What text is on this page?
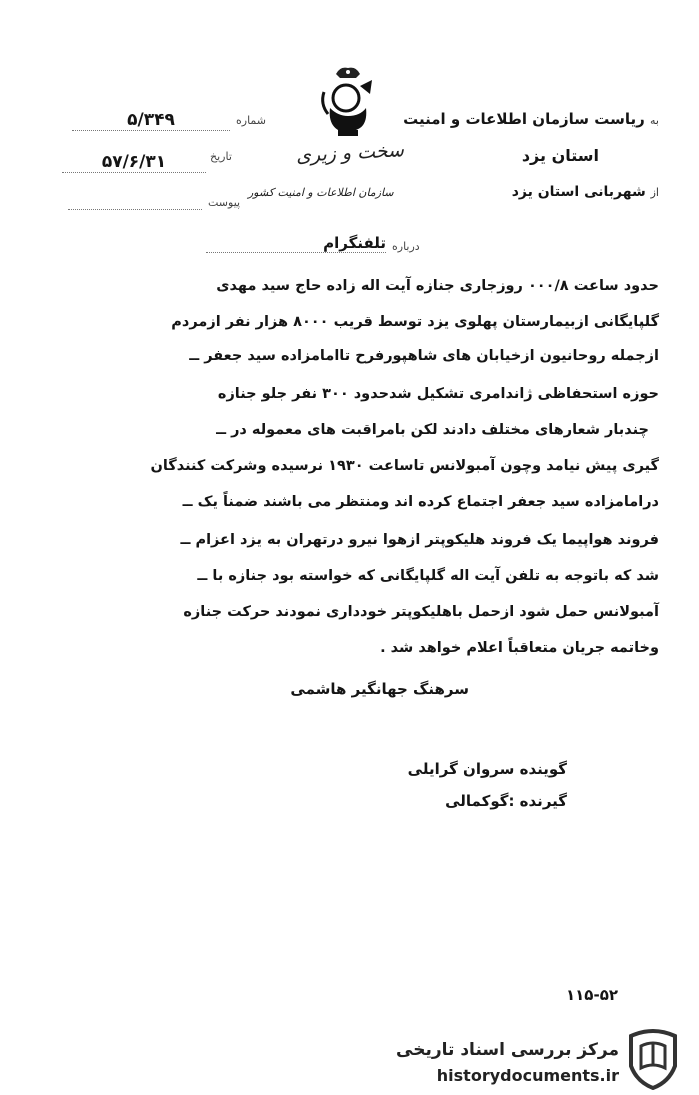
به ریاست سازمان اطلاعات و امنیت
شماره
۵/۳۴۹
استان یزد
تاریخ
۵۷/۶/۳۱	سخت و زیری
از شهربانی استان یزد
سازمان اطلاعات و امنیت کشور
پیوست
درباره
تلفنگرام
حدود ساعت ۰۰۰/۸ روزجاری جنازه آیت اله زاده حاج سید مهدی
گلپایگانی ازبیمارستان پهلوی یزد توسط قریب ۸۰۰۰ هزار نفر ازمردم
ازجمله روحانیون ازخیابان های شاهپورفرح تاامامزاده سید جعفر ــ
حوزه استحفاظی ژاندامری تشکیل شدحدود ۳۰۰ نفر جلو جنازه
چندبار شعارهای مختلف دادند لکن بامراقبت های معموله در ــ
گیری پیش نیامد وچون آمبولانس تاساعت ۱۹۳۰ نرسیده وشرکت کنندگان
درامامزاده سید جعفر اجتماع کرده اند ومنتظر می باشند ضمناً یک ــ
فروند هواپیما یک فروند هلیکوپتر ازهوا نیرو درتهران به یزد اعزام ــ
شد که باتوجه به تلفن آیت اله گلپایگانی که خواسته بود جنازه با ــ
آمبولانس حمل شود ازحمل باهلیکوپتر خودداری نمودند حرکت جنازه
وخاتمه جریان متعاقباً اعلام خواهد شد .
سرهنگ جهانگیر هاشمی
گوینده سروان گرایلی
گیرنده :گوکمالی
۱۱۵-۵۲
مرکز بررسی اسناد تاریخی
historydocuments.ir
